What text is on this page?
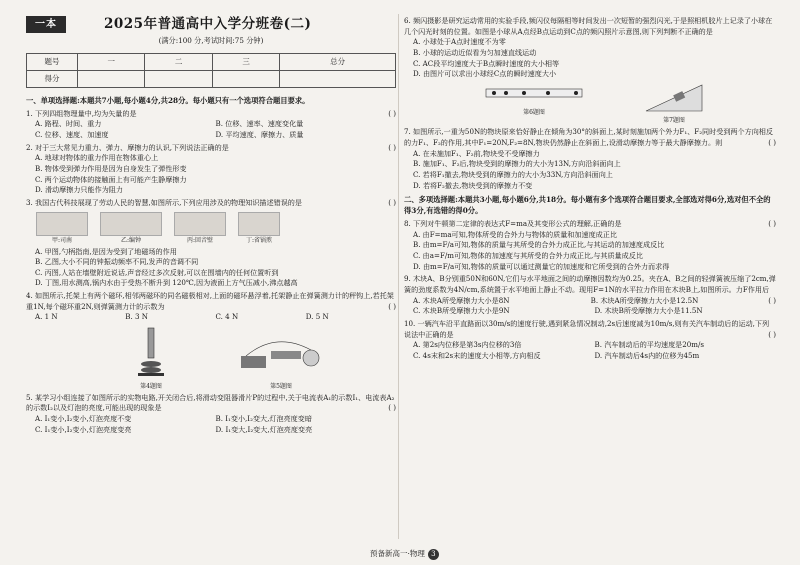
一本	2025年普通高中入学分班卷(二)
(满分:100 分,考试时间:75 分钟)
题号	一	二	三	总分
得分				
一、单项选择题:本题共7小题,每小题4分,共28分。每小题只有一个选项符合题目要求。
1. 下列四组物理量中,均为矢量的是	( )
A. 路程、时间、重力	B. 位移、速率、速度变化量
C. 位移、速度、加速度	D. 平均速度、摩擦力、质量
2. 对于三大常见力重力、弹力、摩擦力的认识,下列说法正确的是	( )
A. 地球对物体的重力作用在物体重心上
B. 物体受到弹力作用是因为自身发生了弹性形变
C. 两个运动物体的接触面上有可能产生静摩擦力
D. 滑动摩擦力只能作为阻力
3. 我国古代科技展现了劳动人民的智慧,如图所示,下列应用涉及的物理知识描述错误的是	( )
甲:司南	乙:编钟	丙:回音壁	丁:省锅煎
A. 甲图,勺柄指南,是因为受到了地磁场的作用
B. 乙图,大小不同的钟振动频率不同,发声的音调不同
C. 丙图,人站在墙壁附近说话,声音经过多次反射,可以在围墙内的任何位置听到
D. 丁图,用水测高,锅内水由于受热不断升到 120℃,因为液面上方气压减小,沸点越高
4. 如图所示,托架上有两个磁环,相邻两磁环的同名磁极相对,上面的磁环悬浮着,托架静止在弹簧测力计的秤钩上,若托架重1N,每个磁环重2N,则弹簧测力计的示数为	( )
A. 1 N	B. 3 N	C. 4 N	D. 5 N
第4题图	第5题图
5. 某学习小组连接了如图所示的实物电路,开关闭合后,将滑动变阻器滑片P的过程中,关于电流表A₁的示数I₁、电流表A₂的示数I₂以及灯泡的亮度,可能出现的现象是	( )
A. I₁变小,I₂变小,灯泡亮度不变	B. I₁变小,I₂变大,灯泡亮度变暗
C. I₁变小,I₂变小,灯泡亮度变亮	D. I₁变大,I₂变大,灯泡亮度变亮
6. 频闪摄影是研究运动常用的实验手段,频闪仪每隔相等时间发出一次短暂的强烈闪光,于是照相机胶片上记录了小球在几个闪光时刻的位置。如图是小球从A点经B点运动到C点的频闪照片示意图,则下列判断不正确的是
A. 小球处于A点时速度不为零
B. 小球的运动近似看为匀加速直线运动
C. AC段平均速度大于B点瞬时速度的大小相等
D. 由图片可以求出小球经C点的瞬时速度大小
第6题图
第7题图
7. 如图所示,一重为50N的物块原来恰好静止在倾角为30°的斜面上,某时刻施加两个外力F₁、F₂同时受到两个方向相反的力F₁、F₂的作用,其中F₁=20N,F₂=8N,物块仍然静止在斜面上,设滑动摩擦力等于最大静摩擦力。则	( )
A. 在未施加F₁、F₂前,物块受不受摩擦力
B. 施加F₁、F₂后,物块受到的摩擦力的大小为13N,方向沿斜面向上
C. 若将F₁撤去,物块受到的摩擦力的大小为33N,方向沿斜面向上
D. 若将F₂撤去,物块受到的摩擦力不变
二、多项选择题:本题共3小题,每小题6分,共18分。每小题有多个选项符合题目要求,全部选对得6分,选对但不全的得3分,有选错的得0分。
8. 下列对牛顿第二定律的表达式F=ma及其变形公式的理解,正确的是	( )
A. 由F=ma可知,物体所受的合外力与物体的质量和加速度成正比
B. 由m=F/a可知,物体的质量与其所受的合外力成正比,与其运动的加速度成反比
C. 由a=F/m可知,物体的加速度与其所受的合外力成正比,与其质量成反比
D. 由m=F/a可知,物体的质量可以通过测量它的加速度和它所受到的合外力而求得
9. 木块A、B分别重50N和60N,它们与水平地面之间的动摩擦因数均为0.25。夹在A、B之间的轻弹簧被压缩了2cm,弹簧的劲度系数为4N/cm,系统置于水平地面上静止不动。现用F=1N的水平拉力作用在木块B上,如图所示。力F作用后
( )
A. 木块A所受摩擦力大小是8N	B. 木块A所受摩擦力大小是12.5N
C. 木块B所受摩擦力大小是9N	D. 木块B所受摩擦力大小是11.5N
10. 一辆汽车沿平直路面以30m/s的速度行驶,遇到紧急情况制动,2s后速度减为10m/s,则有关汽车制动后的运动,下列说法中正确的是	( )
A. 第2s内位移是第3s内位移的3倍	B. 汽车制动后的平均速度是20m/s
C. 4s末和2s末的速度大小相等,方向相反	D. 汽车制动后4s内的位移为45m
预备新高一·物理 3
